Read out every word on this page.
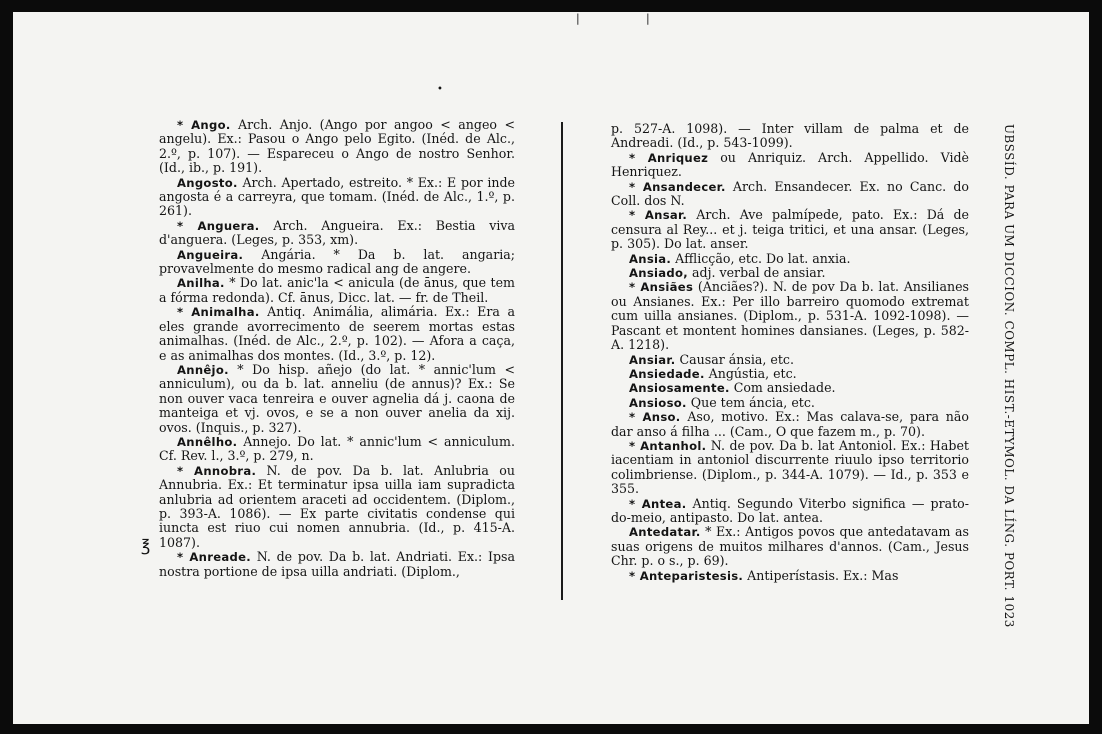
•
|	|
℥

* Ango. Arch. Anjo. (Ango por angoo < angeo < angelu). Ex.: Pasou o Ango pelo Egito. (Inéd. de Alc., 2.º, p. 107). — Espareceu o Ango de nostro Senhor. (Id., ib., p. 191).

Angosto. Arch. Apertado, estreito. * Ex.: E por inde angosta é a carreyra, que tomam. (Inéd. de Alc., 1.º, p. 261).

* Anguera. Arch. Angueira. Ex.: Bestia viva d'anguera. (Leges, p. 353, xm).

Angueira. Angária. * Da b. lat. angaria; provavelmente do mesmo radical ang de angere.

Anilha. * Do lat. anic'la < anicula (de ānus, que tem a fórma redonda). Cf. ānus, Dicc. lat. — fr. de Theil.

* Animalha. Antiq. Animália, alimária. Ex.: Era a eles grande avorrecimento de seerem mortas estas animalhas. (Inéd. de Alc., 2.º, p. 102). — Afora a caça, e as animalhas dos montes. (Id., 3.º, p. 12).

Annêjo. * Do hisp. añejo (do lat. * annic'lum < anniculum), ou da b. lat. anneliu (de annus)? Ex.: Se non ouver vaca tenreira e ouver agnelia dá j. caona de manteiga et vj. ovos, e se a non ouver anelia da xij. ovos. (Inquis., p. 327).

Annêlho. Annejo. Do lat. * annic'lum < anniculum. Cf. Rev. l., 3.º, p. 279, n.

* Annobra. N. de pov. Da b. lat. Anlubria ou Annubria. Ex.: Et terminatur ipsa uilla iam supradicta anlubria ad orientem araceti ad occidentem. (Diplom., p. 393-A. 1086). — Ex parte civitatis condense qui iuncta est riuo cui nomen annubria. (Id., p. 415-A. 1087).

* Anreade. N. de pov. Da b. lat. Andriati. Ex.: Ipsa nostra portione de ipsa uilla andriati. (Diplom.,

p. 527-A. 1098). — Inter villam de palma et de Andreadi. (Id., p. 543-1099).

* Anriquez ou Anriquiz. Arch. Appellido. Vidè Henriquez.

* Ansandecer. Arch. Ensandecer. Ex. no Canc. do Coll. dos N.

* Ansar. Arch. Ave palmípede, pato. Ex.: Dá de censura al Rey... et j. teiga tritici, et una ansar. (Leges, p. 305). Do lat. anser.

Ansia. Afflicção, etc. Do lat. anxia.

Ansiado, adj. verbal de ansiar.

* Ansiães (Anciães?). N. de pov Da b. lat. Ansilianes ou Ansianes. Ex.: Per illo barreiro quomodo extremat cum uilla ansianes. (Diplom., p. 531-A. 1092-1098). — Pascant et montent homines dansianes. (Leges, p. 582-A. 1218).

Ansiar. Causar ánsia, etc.

Ansiedade. Angústia, etc.

Ansiosamente. Com ansiedade.

Ansioso. Que tem áncia, etc.

* Anso. Aso, motivo. Ex.: Mas calava-se, para não dar anso á filha ... (Cam., O que fazem m., p. 70).

* Antanhol. N. de pov. Da b. lat Antoniol. Ex.: Habet iacentiam in antoniol discurrente riuulo ipso territorio colimbriense. (Diplom., p. 344-A. 1079). — Id., p. 353 e 355.

* Antea. Antiq. Segundo Viterbo significa — prato-do-meio, antipasto. Do lat. antea.

Antedatar. * Ex.: Antigos povos que antedatavam as suas origens de muitos milhares d'annos. (Cam., Jesus Chr. p. o s., p. 69).

* Anteparistesis. Antiperístasis. Ex.: Mas	UBSSÍD. PARA UM DICCION. COMPL. HIST.-ETYMOL. DA LÍNG. PORT. 1023
